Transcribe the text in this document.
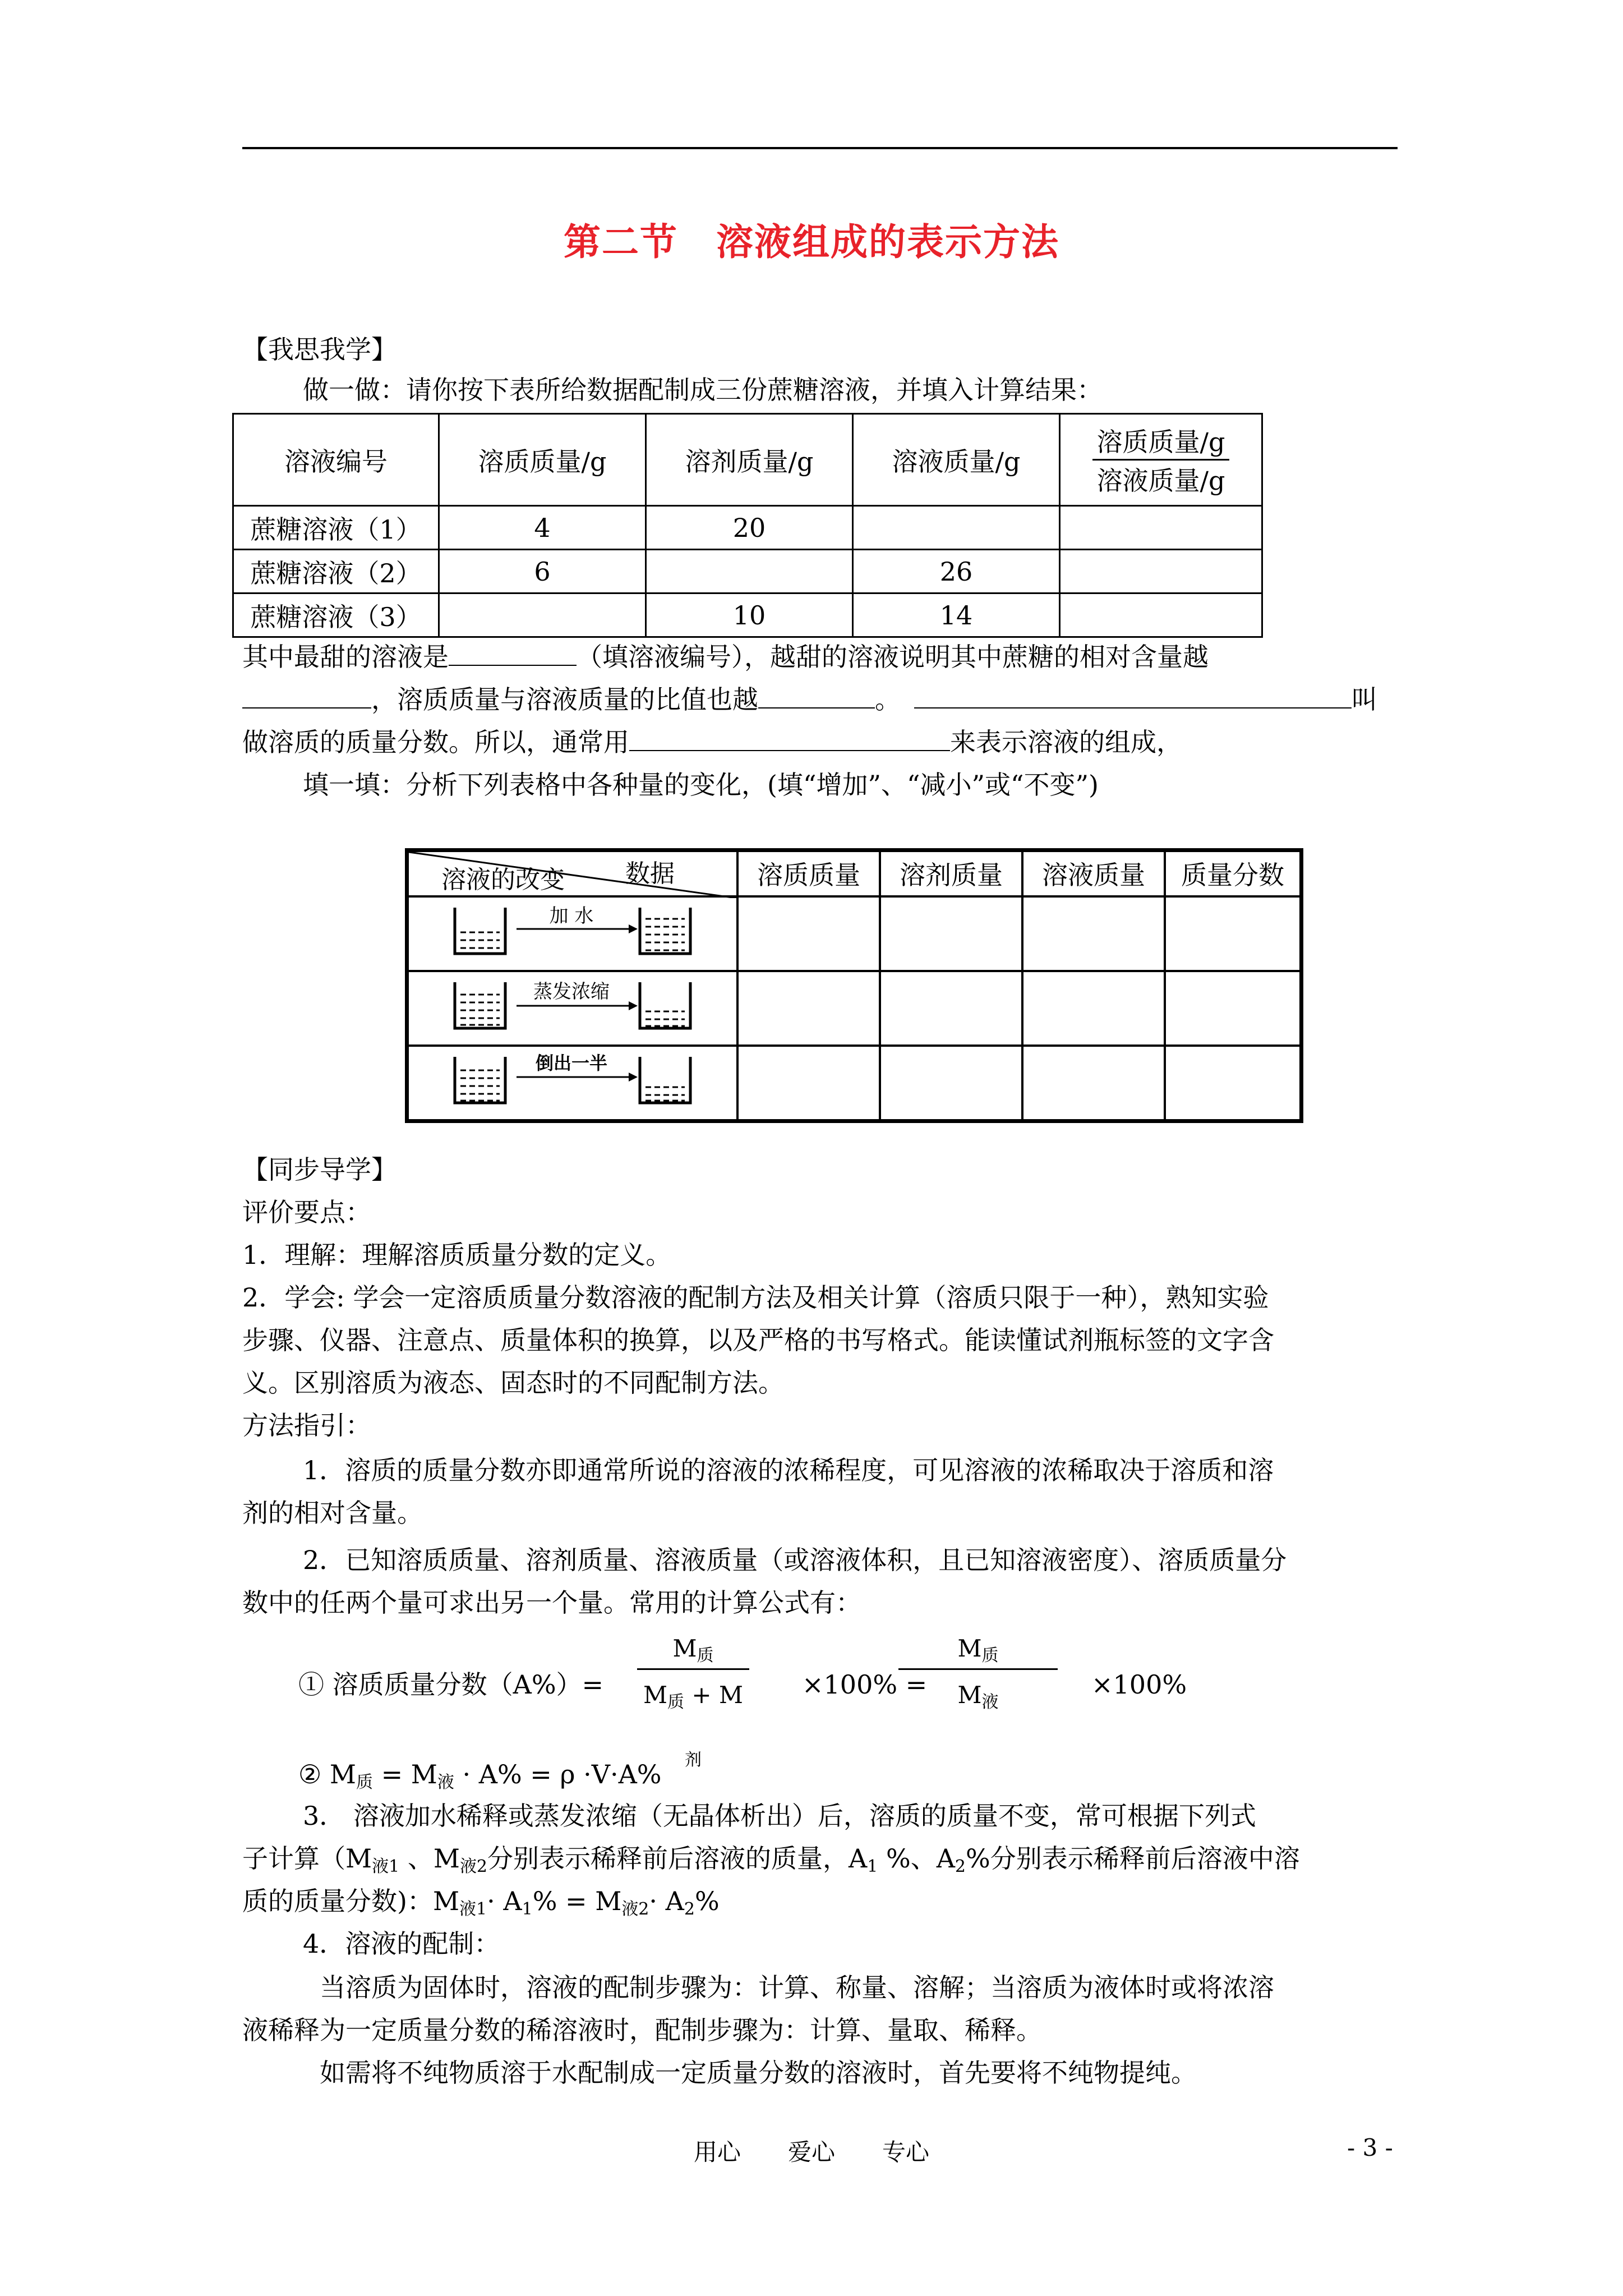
第二节　溶液组成的表示方法
【我思我学】
做一做：请你按下表所给数据配制成三份蔗糖溶液，并填入计算结果：
溶液编号	溶质质量/g	溶剂质量/g	溶液质量/g	溶质质量/g
溶液质量/g

蔗糖溶液（1）	4	20		
蔗糖溶液（2）	6		26	
蔗糖溶液（3）		10	14	
其中最甜的溶液是	（填溶液编号），越甜的溶液说明其中蔗糖的相对含量越
，溶质质量与溶液质量的比值也越	。	叫
做溶质的质量分数。所以，通常用	来表示溶液的组成，
填一填：分析下列表格中各种量的变化，(填“增加”、“减小”或“不变”)
数据
溶液的改变	溶质质量	溶剂质量	溶液质量	质量分数

加 水				

蒸发浓缩				

倒出一半				

【同步导学】
评价要点：
1．理解：理解溶质质量分数的定义。
2．学会: 学会一定溶质质量分数溶液的配制方法及相关计算（溶质只限于一种），熟知实验
步骤、仪器、注意点、质量体积的换算，以及严格的书写格式。能读懂试剂瓶标签的文字含
义。区别溶质为液态、固态时的不同配制方法。
方法指引：
1．溶质的质量分数亦即通常所说的溶液的浓稀程度，可见溶液的浓稀取决于溶质和溶
剂的相对含量。
2．已知溶质质量、溶剂质量、溶液质量（或溶液体积，且已知溶液密度）、溶质质量分
数中的任两个量可求出另一个量。常用的计算公式有：
① 溶质质量分数（A%）=
$M_质$
$M_质 + M_剂$
×100% =
$M_质$
$M_液$
×100%
② $M_质 = M_液 \cdot A\% = \rho \cdot V\cdot A\%$
3． 溶液加水稀释或蒸发浓缩（无晶体析出）后，溶质的质量不变，常可根据下列式
子计算（$M_{液1}$ 、$M_{液2}$分别表示稀释前后溶液的质量，$A_1$ %、$A_2\%$分别表示稀释前后溶液中溶
质的质量分数)：$M_{液1}\cdot A_1\% = M_{液2}\cdot A_2\%$
4．溶液的配制：
当溶质为固体时，溶液的配制步骤为：计算、称量、溶解；当溶质为液体时或将浓溶
液稀释为一定质量分数的稀溶液时，配制步骤为：计算、量取、稀释。
如需将不纯物质溶于水配制成一定质量分数的溶液时，首先要将不纯物提纯。
用心　　爱心　　专心	- 3 -
